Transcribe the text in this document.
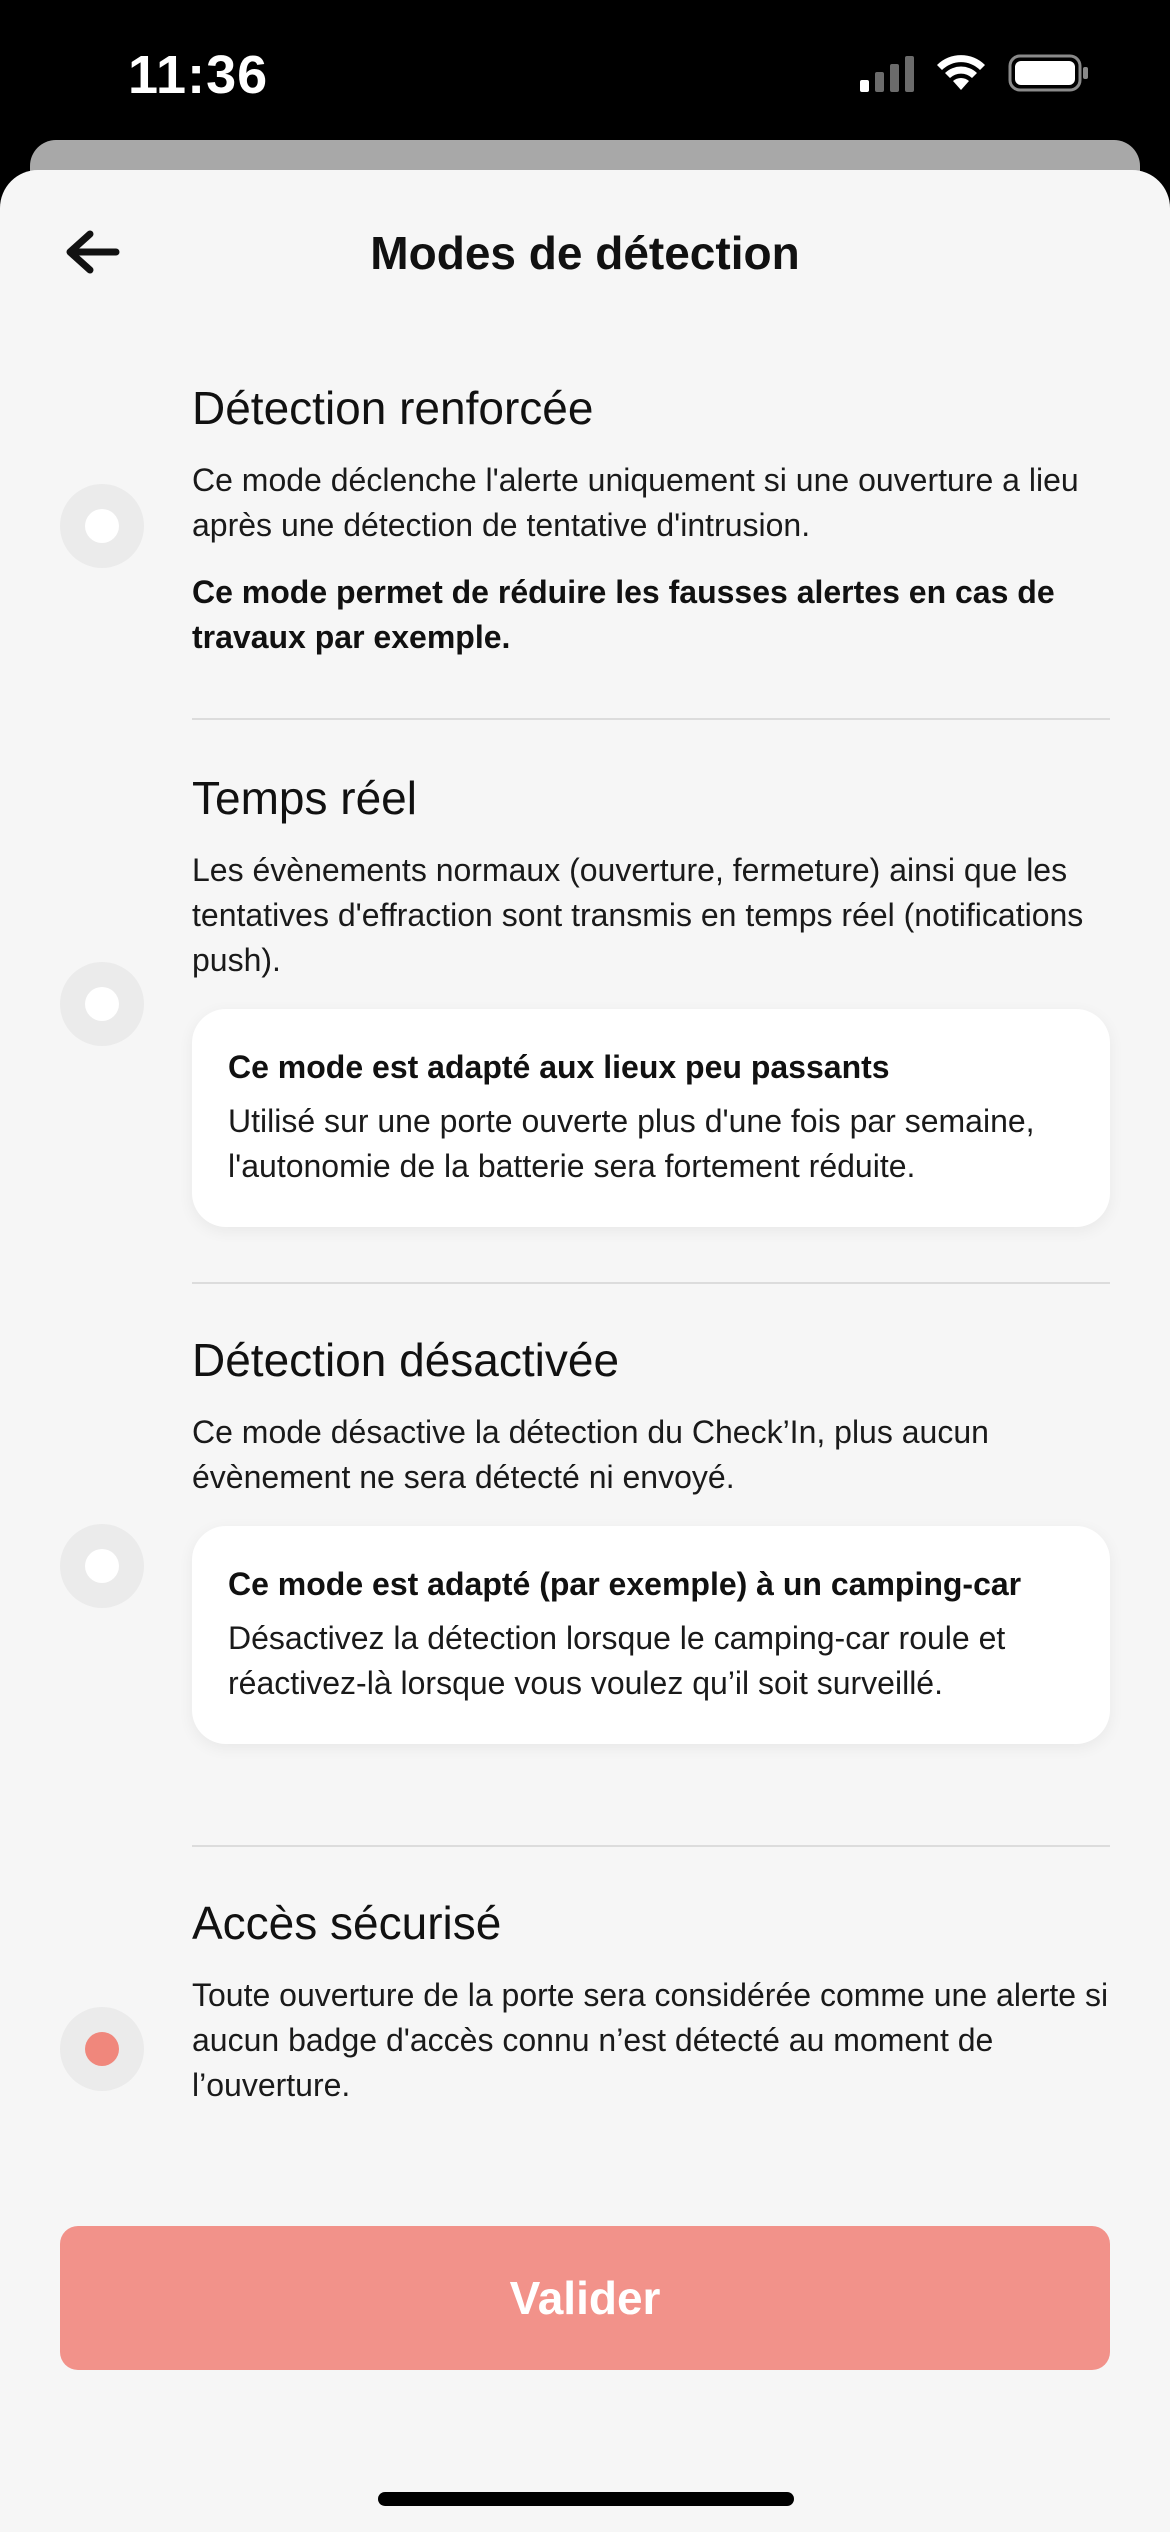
11:36
Modes de détection
Détection renforcée
Ce mode déclenche l'alerte uniquement si une ouverture a lieu après une détection de tentative d'intrusion.
Ce mode permet de réduire les fausses alertes en cas de travaux par exemple.
Temps réel
Les évènements normaux (ouverture, fermeture) ainsi que les tentatives d'effraction sont transmis en temps réel (notifications push).
Ce mode est adapté aux lieux peu passants
Utilisé sur une porte ouverte plus d'une fois par semaine, l'autonomie de la batterie sera fortement réduite.
Détection désactivée
Ce mode désactive la détection du Check’In, plus aucun évènement ne sera détecté ni envoyé.
Ce mode est adapté (par exemple) à un camping-car
Désactivez la détection lorsque le camping-car roule et réactivez-là lorsque vous voulez qu’il soit surveillé.
Accès sécurisé
Toute ouverture de la porte sera considérée comme une alerte si aucun badge d'accès connu n’est détecté au moment de l’ouverture.
Valider
